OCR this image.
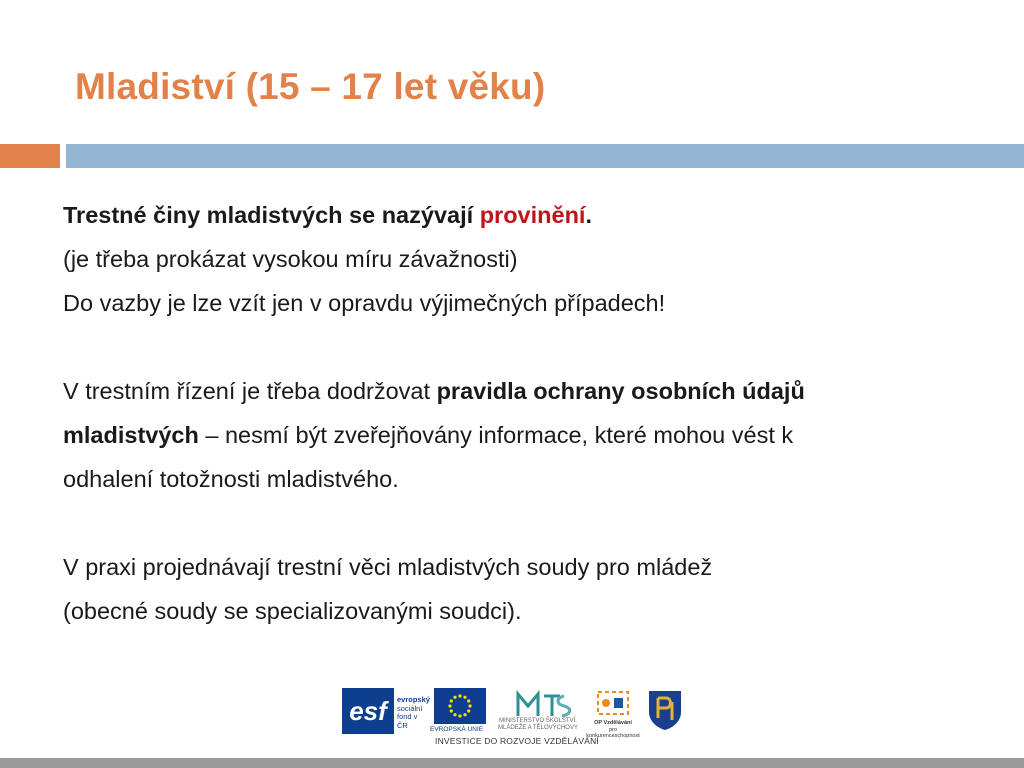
Mladiství (15 – 17 let věku)
Trestné činy mladistvých se nazývají provinění.
(je třeba prokázat vysokou míru závažnosti)
Do vazby je lze vzít jen v opravdu výjimečných případech!
V trestním řízení je třeba dodržovat pravidla ochrany osobních údajů
mladistvých – nesmí být zveřejňovány informace, které mohou vést k
odhalení totožnosti mladistvého.
V praxi projednávají trestní věci mladistvých soudy pro mládež
(obecné soudy se specializovanými soudci).
esf	evropský
sociální
fond v ČR	EVROPSKÁ UNIE
MINISTERSTVO ŠKOLSTVÍ,
MLÁDEŽE A TĚLOVÝCHOVY
OP Vzdělávání
pro konkurenceschopnost
INVESTICE DO ROZVOJE VZDĚLÁVÁNÍ
